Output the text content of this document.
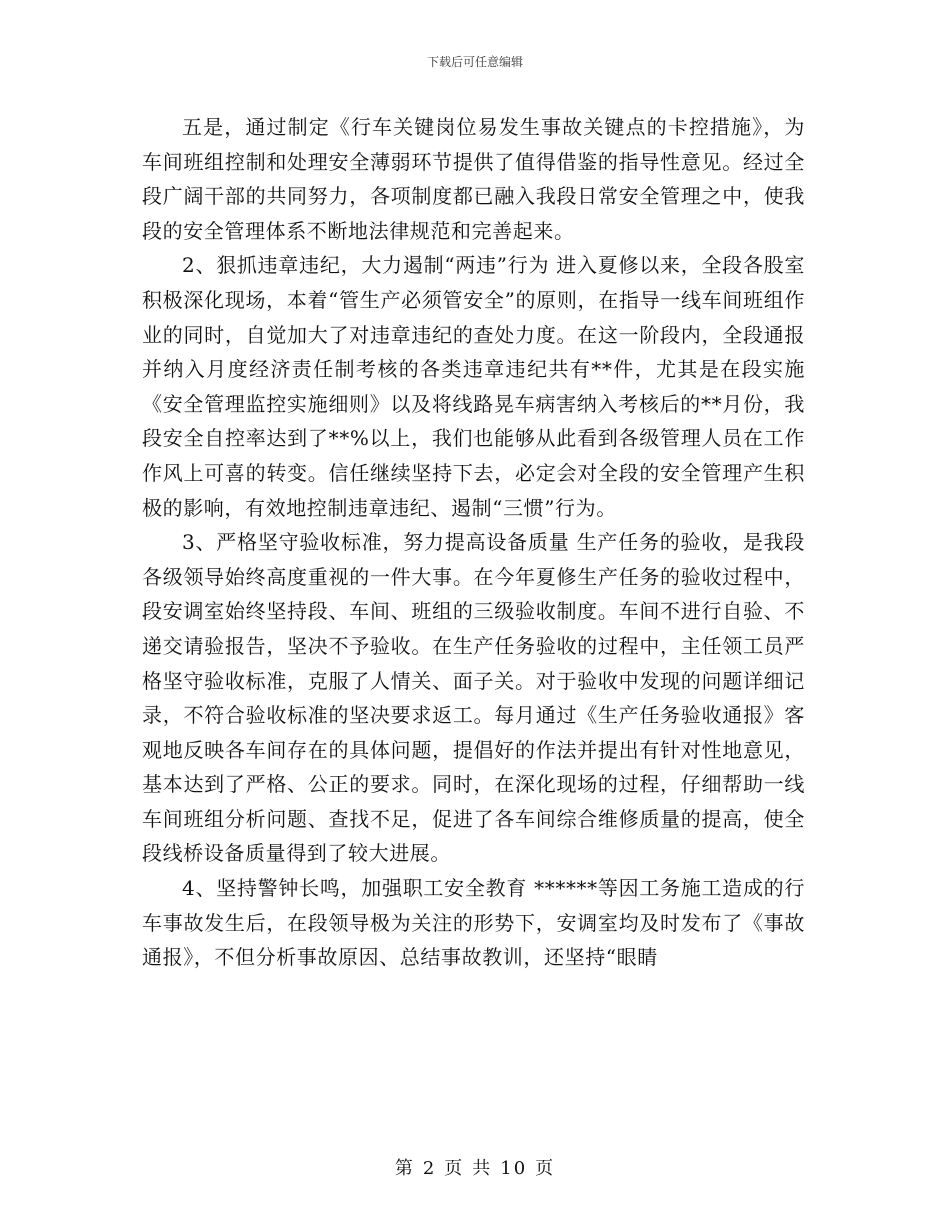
下载后可任意编辑

五是，通过制定《行车关键岗位易发生事故关键点的卡控措施》，为车间班组控制和处理安全薄弱环节提供了值得借鉴的指导性意见。经过全段广阔干部的共同努力，各项制度都已融入我段日常安全管理之中，使我段的安全管理体系不断地法律规范和完善起来。

2、狠抓违章违纪，大力遏制“两违”行为 进入夏修以来，全段各股室积极深化现场，本着“管生产必须管安全”的原则，在指导一线车间班组作业的同时，自觉加大了对违章违纪的查处力度。在这一阶段内，全段通报并纳入月度经济责任制考核的各类违章违纪共有**件，尤其是在段实施《安全管理监控实施细则》以及将线路晃车病害纳入考核后的**月份，我段安全自控率达到了**%以上，我们也能够从此看到各级管理人员在工作作风上可喜的转变。信任继续坚持下去，必定会对全段的安全管理产生积极的影响，有效地控制违章违纪、遏制“三惯”行为。

3、严格坚守验收标准，努力提高设备质量 生产任务的验收，是我段各级领导始终高度重视的一件大事。在今年夏修生产任务的验收过程中，段安调室始终坚持段、车间、班组的三级验收制度。车间不进行自验、不递交请验报告，坚决不予验收。在生产任务验收的过程中，主任领工员严格坚守验收标准，克服了人情关、面子关。对于验收中发现的问题详细记录，不符合验收标准的坚决要求返工。每月通过《生产任务验收通报》客观地反映各车间存在的具体问题，提倡好的作法并提出有针对性地意见，基本达到了严格、公正的要求。同时，在深化现场的过程，仔细帮助一线车间班组分析问题、查找不足，促进了各车间综合维修质量的提高，使全段线桥设备质量得到了较大进展。

4、坚持警钟长鸣，加强职工安全教育 ******等因工务施工造成的行车事故发生后，在段领导极为关注的形势下，安调室均及时发布了《事故通报》，不但分析事故原因、总结事故教训，还坚持“眼睛

第 2 页 共 10 页
